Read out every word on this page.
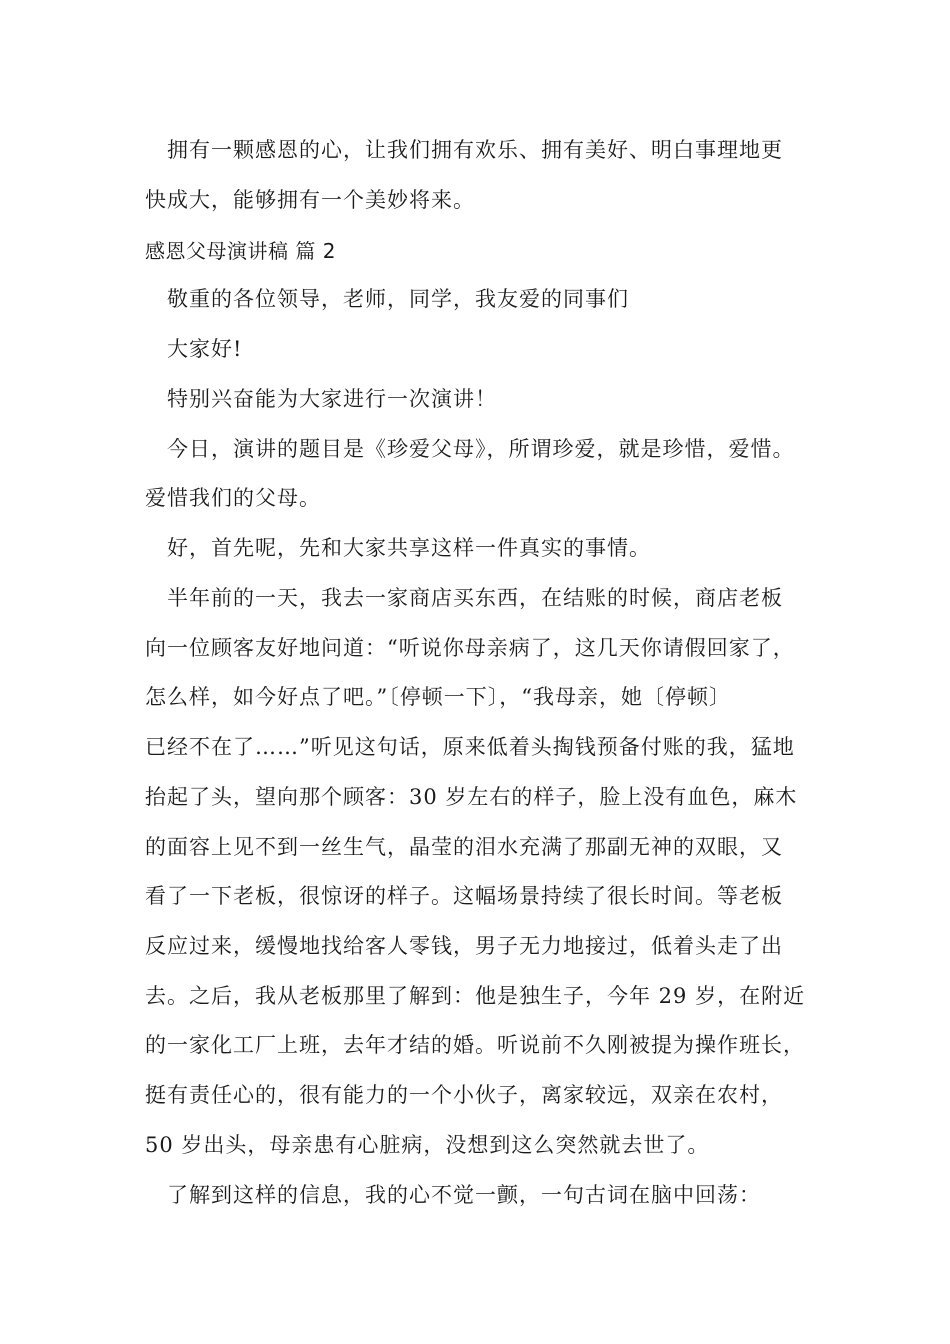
　拥有一颗感恩的心，让我们拥有欢乐、拥有美好、明白事理地更

快成大，能够拥有一个美妙将来。

感恩父母演讲稿 篇 2

　敬重的各位领导，老师，同学，我友爱的同事们

　大家好!

　特别兴奋能为大家进行一次演讲！

　今日，演讲的题目是《珍爱父母》，所谓珍爱，就是珍惜，爱惜。

爱惜我们的父母。

　好，首先呢，先和大家共享这样一件真实的事情。

　半年前的一天，我去一家商店买东西，在结账的时候，商店老板

向一位顾客友好地问道：“听说你母亲病了，这几天你请假回家了，

怎么样，如今好点了吧。”〔停顿一下〕，“我母亲，她〔停顿〕

已经不在了……”听见这句话，原来低着头掏钱预备付账的我，猛地

抬起了头，望向那个顾客：30 岁左右的样子，脸上没有血色，麻木

的面容上见不到一丝生气，晶莹的泪水充满了那副无神的双眼，又

看了一下老板，很惊讶的样子。这幅场景持续了很长时间。等老板

反应过来，缓慢地找给客人零钱，男子无力地接过，低着头走了出

去。之后，我从老板那里了解到：他是独生子，今年 29 岁，在附近

的一家化工厂上班，去年才结的婚。听说前不久刚被提为操作班长，

挺有责任心的，很有能力的一个小伙子，离家较远，双亲在农村，

50 岁出头，母亲患有心脏病，没想到这么突然就去世了。

　了解到这样的信息，我的心不觉一颤，一句古词在脑中回荡：
